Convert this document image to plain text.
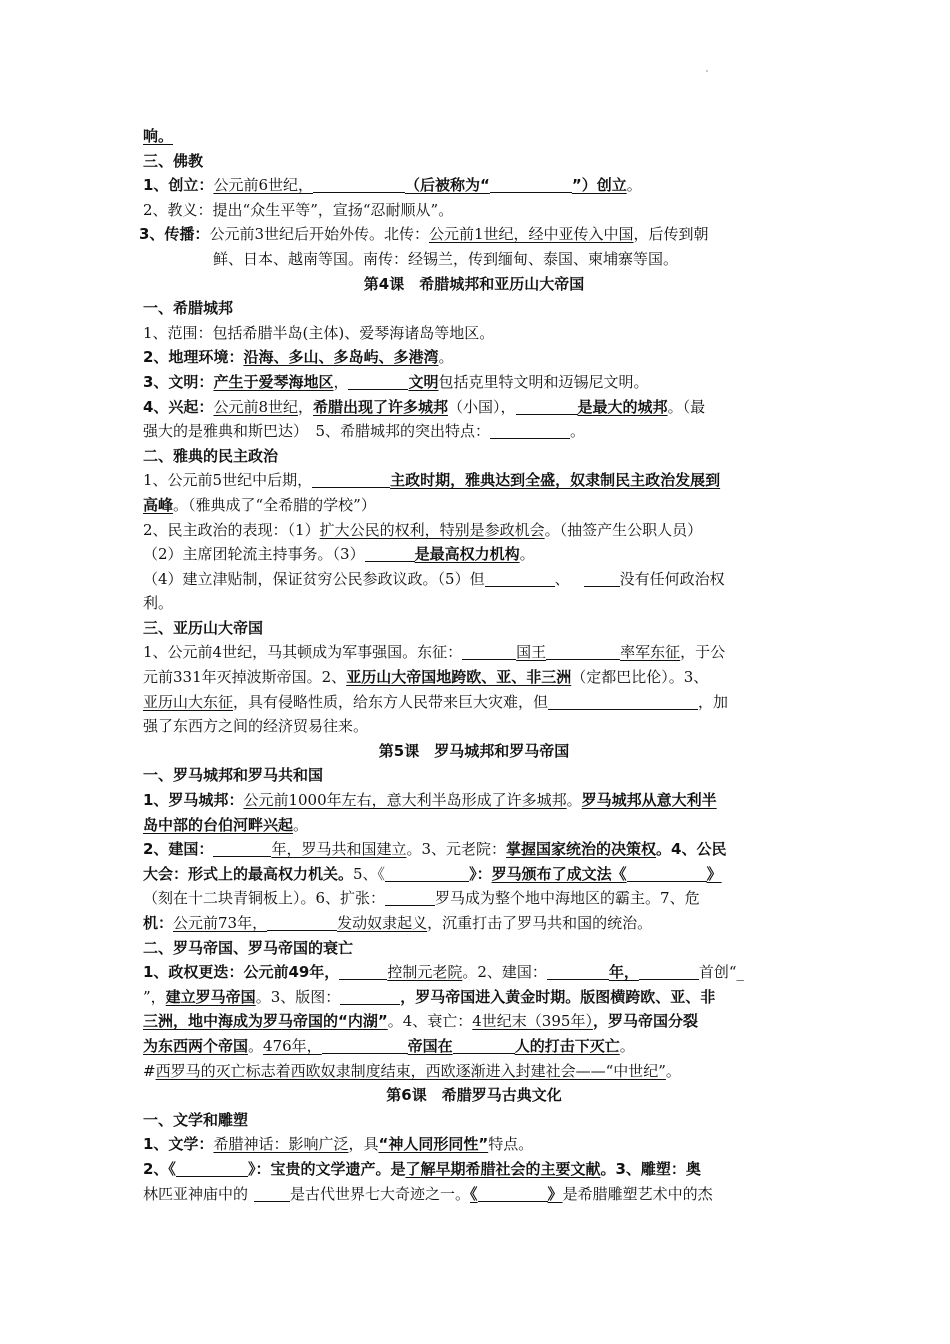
响。

三、佛教

1、创立：公元前6世纪，	（后被称为“	”）创立。

2、教义：提出“众生平等”，宣扬“忍耐顺从”。

3、传播：公元前3世纪后开始外传。北传：公元前1世纪，经中亚传入中国，后传到朝

鲜、日本、越南等国。南传：经锡兰，传到缅甸、泰国、柬埔寨等国。

第4课　希腊城邦和亚历山大帝国

一、希腊城邦

1、范围：包括希腊半岛(主体)、爱琴海诸岛等地区。

2、地理环境：沿海、多山、多岛屿、多港湾。

3、文明：产生于爱琴海地区，	文明包括克里特文明和迈锡尼文明。

4、兴起：公元前8世纪，希腊出现了许多城邦（小国），	是最大的城邦。（最

强大的是雅典和斯巴达）　5、希腊城邦的突出特点：	。

二、雅典的民主政治

1、公元前5世纪中后期，	主政时期，雅典达到全盛，奴隶制民主政治发展到

高峰。（雅典成了“全希腊的学校”）

2、民主政治的表现：（1）扩大公民的权利，特别是参政机会。（抽签产生公职人员）

（2）主席团轮流主持事务。（3）	是最高权力机构。

（4）建立津贴制，保证贫穷公民参政议政。（5）但	、	没有任何政治权

利。

三、亚历山大帝国

1、公元前4世纪，马其顿成为军事强国。东征：	国王	率军东征，于公

元前331年灭掉波斯帝国。2、亚历山大帝国地跨欧、亚、非三洲（定都巴比伦）。3、

亚历山大东征，具有侵略性质，给东方人民带来巨大灾难，但	，加

强了东西方之间的经济贸易往来。

第5课　罗马城邦和罗马帝国

一、罗马城邦和罗马共和国

1、罗马城邦：公元前1000年左右，意大利半岛形成了许多城邦。罗马城邦从意大利半

岛中部的台伯河畔兴起。

2、建国：	年，罗马共和国建立。3、元老院：掌握国家统治的决策权。4、公民

大会：形式上的最高权力机关。5、《	》：罗马颁布了成文法《	》

（刻在十二块青铜板上）。6、扩张：	罗马成为整个地中海地区的霸主。7、危

机：公元前73年，	发动奴隶起义，沉重打击了罗马共和国的统治。

二、罗马帝国、罗马帝国的衰亡

1、政权更迭：公元前49年，	控制元老院。2、建国：	年，	首创“_

”，建立罗马帝国。3、版图：	，罗马帝国进入黄金时期。版图横跨欧、亚、非

三洲，地中海成为罗马帝国的“内湖”。4、衰亡：4世纪末（395年），罗马帝国分裂

为东西两个帝国。476年，	帝国在	人的打击下灭亡。

#西罗马的灭亡标志着西欧奴隶制度结束，西欧逐渐进入封建社会——“中世纪”。

第6课　希腊罗马古典文化

一、文学和雕塑

1、文学：希腊神话：影响广泛，具“神人同形同性”特点。

2、《	》：宝贵的文学遗产。是了解早期希腊社会的主要文献。3、雕塑：奥

林匹亚神庙中的	是古代世界七大奇迹之一。《	》是希腊雕塑艺术中的杰
